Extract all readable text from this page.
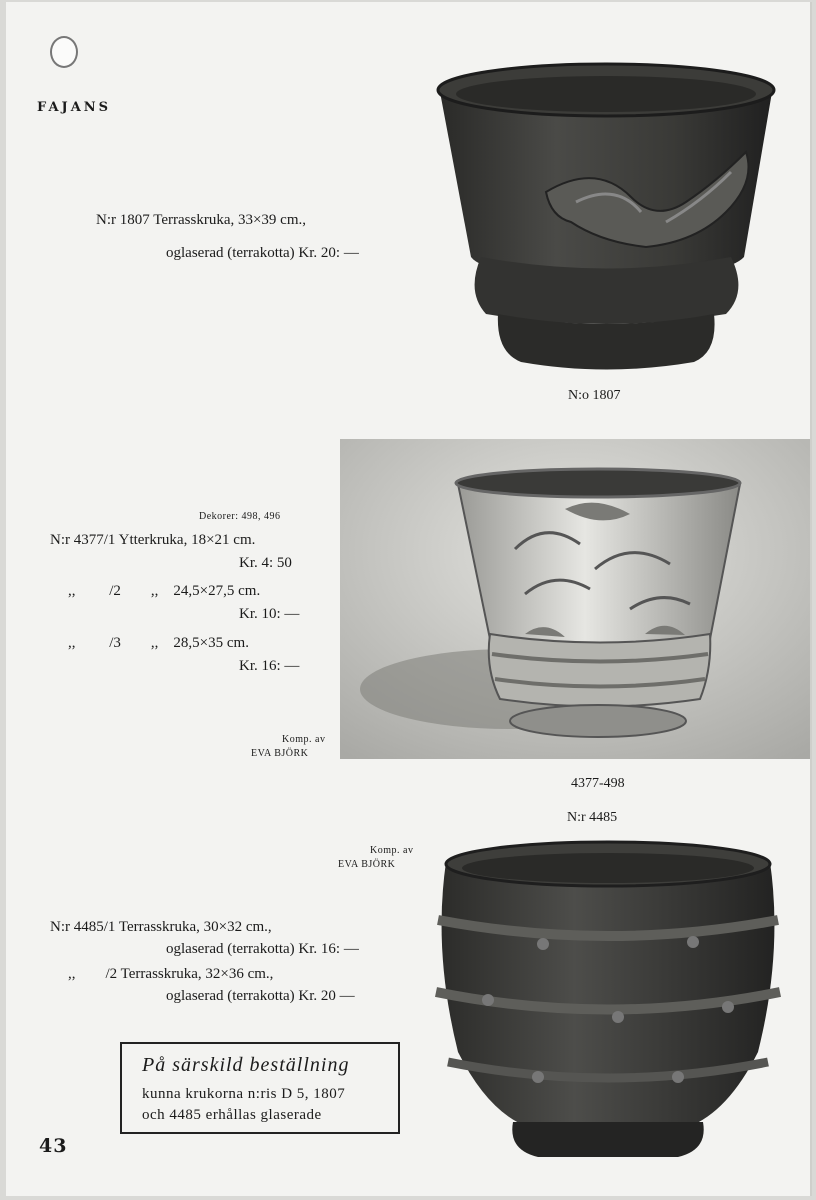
FAJANS
N:r 1807 Terrasskruka, 33×39 cm.,
oglaserad (terrakotta) Kr. 20: —
N:o 1807
Dekorer: 498, 496
N:r 4377/1 Ytterkruka, 18×21 cm.
Kr. 4: 50
,,         /2        ,,    24,5×27,5 cm.
Kr. 10: —
,,         /3        ,,    28,5×35 cm.
Kr. 16: —
Komp. av
EVA BJÖRK
4377-498
N:r 4485
Komp. av
EVA BJÖRK
N:r 4485/1 Terrasskruka, 30×32 cm.,
oglaserad (terrakotta) Kr. 16: —
,,        /2 Terrasskruka, 32×36 cm.,
oglaserad (terrakotta) Kr. 20 —
På särskild beställning
kunna krukorna n:ris D 5, 1807
och 4485 erhållas glaserade
43
